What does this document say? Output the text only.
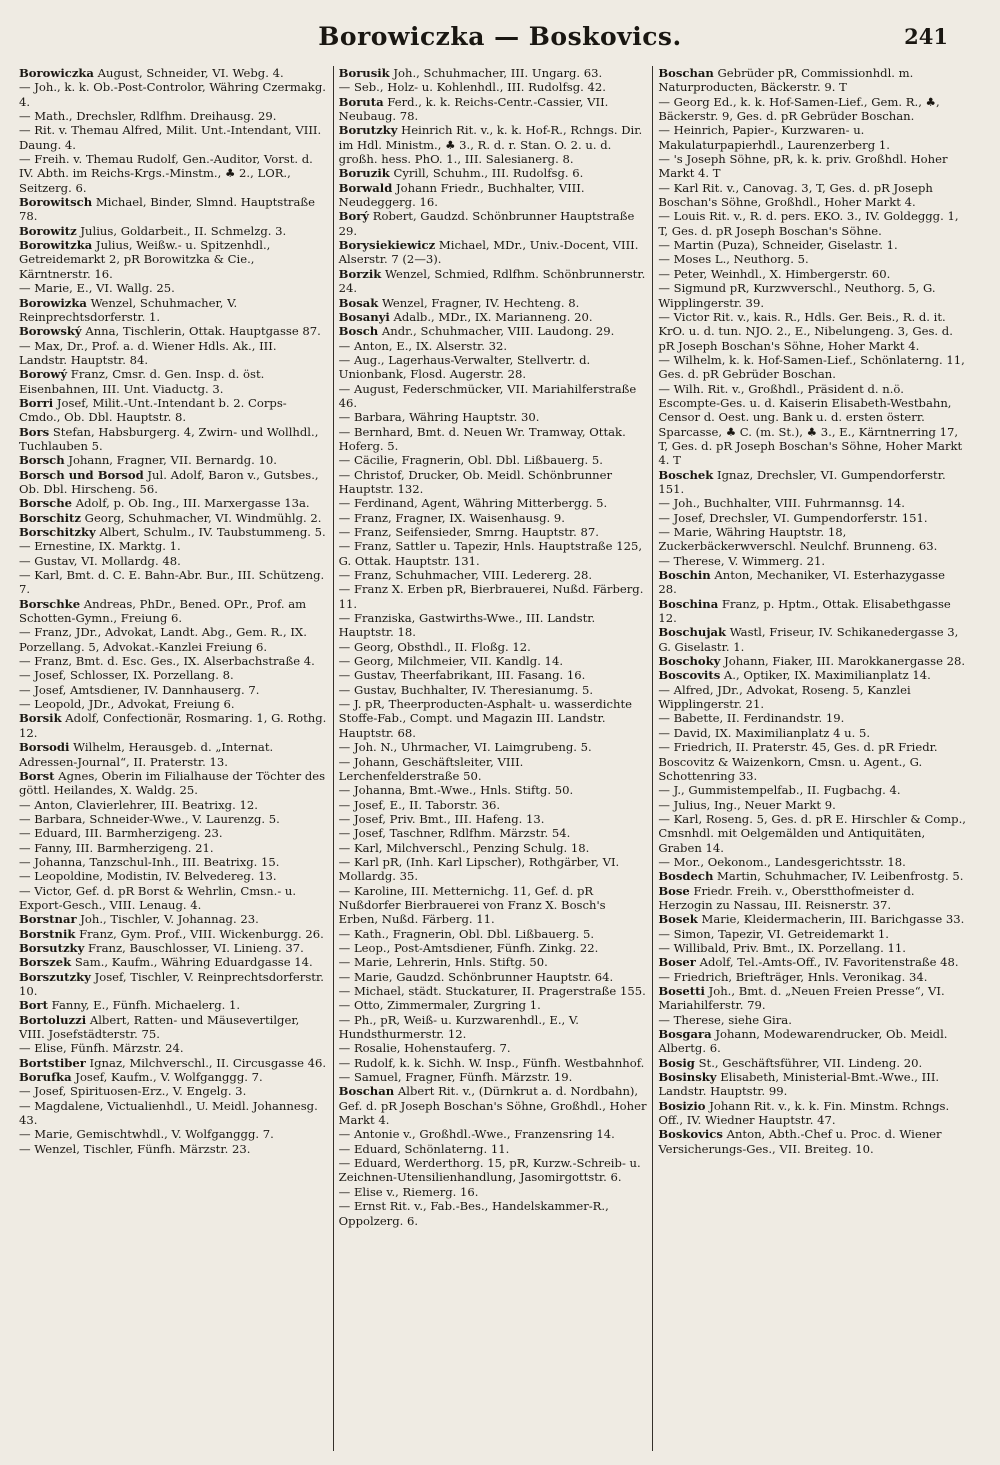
Borowiczka — Boskovics.	241

Borowiczka August, Schneider, VI. Webg. 4.

— Joh., k. k. Ob.-Post-Controlor, Währing Czermakg. 4.

— Math., Drechsler, Rdlfhm. Dreihausg. 29.

— Rit. v. Themau Alfred, Milit. Unt.-Intendant, VIII. Daung. 4.

— Freih. v. Themau Rudolf, Gen.-Auditor, Vorst. d. IV. Abth. im Reichs-Krgs.-Minstm., ♣ 2., LOR., Seitzerg. 6.

Borowitsch Michael, Binder, Slmnd. Hauptstraße 78.

Borowitz Julius, Goldarbeit., II. Schmelzg. 3.

Borowitzka Julius, Weißw.- u. Spitzenhdl., Getreidemarkt 2, pR Borowitzka & Cie., Kärntnerstr. 16.

— Marie, E., VI. Wallg. 25.

Borowizka Wenzel, Schuhmacher, V. Reinprechtsdorferstr. 1.

Borowský Anna, Tischlerin, Ottak. Hauptgasse 87.

— Max, Dr., Prof. a. d. Wiener Hdls. Ak., III. Landstr. Hauptstr. 84.

Borowý Franz, Cmsr. d. Gen. Insp. d. öst. Eisenbahnen, III. Unt. Viaductg. 3.

Borri Josef, Milit.-Unt.-Intendant b. 2. Corps-Cmdo., Ob. Dbl. Hauptstr. 8.

Bors Stefan, Habsburgerg. 4, Zwirn- und Wollhdl., Tuchlauben 5.

Borsch Johann, Fragner, VII. Bernardg. 10.

Borsch und Borsod Jul. Adolf, Baron v., Gutsbes., Ob. Dbl. Hirscheng. 56.

Borsche Adolf, p. Ob. Ing., III. Marxergasse 13a.

Borschitz Georg, Schuhmacher, VI. Windmühlg. 2.

Borschitzky Albert, Schulm., IV. Taubstummeng. 5.

— Ernestine, IX. Marktg. 1.

— Gustav, VI. Mollardg. 48.

— Karl, Bmt. d. C. E. Bahn-Abr. Bur., III. Schützeng. 7.

Borschke Andreas, PhDr., Bened. OPr., Prof. am Schotten-Gymn., Freiung 6.

— Franz, JDr., Advokat, Landt. Abg., Gem. R., IX. Porzellang. 5, Advokat.-Kanzlei Freiung 6.

— Franz, Bmt. d. Esc. Ges., IX. Alserbachstraße 4.

— Josef, Schlosser, IX. Porzellang. 8.

— Josef, Amtsdiener, IV. Dannhauserg. 7.

— Leopold, JDr., Advokat, Freiung 6.

Borsik Adolf, Confectionär, Rosmaring. 1, G. Rothg. 12.

Borsodi Wilhelm, Herausgeb. d. „Internat. Adressen-Journal“, II. Praterstr. 13.

Borst Agnes, Oberin im Filialhause der Töchter des göttl. Heilandes, X. Waldg. 25.

— Anton, Clavierlehrer, III. Beatrixg. 12.

— Barbara, Schneider-Wwe., V. Laurenzg. 5.

— Eduard, III. Barmherzigeng. 23.

— Fanny, III. Barmherzigeng. 21.

— Johanna, Tanzschul-Inh., III. Beatrixg. 15.

— Leopoldine, Modistin, IV. Belvedereg. 13.

— Victor, Gef. d. pR Borst & Wehrlin, Cmsn.- u. Export-Gesch., VIII. Lenaug. 4.

Borstnar Joh., Tischler, V. Johannag. 23.

Borstnik Franz, Gym. Prof., VIII. Wickenburgg. 26.

Borsutzky Franz, Bauschlosser, VI. Linieng. 37.

Borszek Sam., Kaufm., Währing Eduardgasse 14.

Borszutzky Josef, Tischler, V. Reinprechtsdorferstr. 10.

Bort Fanny, E., Fünfh. Michaelerg. 1.

Bortoluzzi Albert, Ratten- und Mäusevertilger, VIII. Josefstädterstr. 75.

— Elise, Fünfh. Märzstr. 24.

Bortstiber Ignaz, Milchverschl., II. Circusgasse 46.

Borufka Josef, Kaufm., V. Wolfganggg. 7.

— Josef, Spirituosen-Erz., V. Engelg. 3.

— Magdalene, Victualienhdl., U. Meidl. Johannesg. 43.

— Marie, Gemischtwhdl., V. Wolfganggg. 7.

— Wenzel, Tischler, Fünfh. Märzstr. 23.

Borusik Joh., Schuhmacher, III. Ungarg. 63.

— Seb., Holz- u. Kohlenhdl., III. Rudolfsg. 42.

Boruta Ferd., k. k. Reichs-Centr.-Cassier, VII. Neubaug. 78.

Borutzky Heinrich Rit. v., k. k. Hof-R., Rchngs. Dir. im Hdl. Ministm., ♣ 3., R. d. r. Stan. O. 2. u. d. großh. hess. PhO. 1., III. Salesianerg. 8.

Boruzik Cyrill, Schuhm., III. Rudolfsg. 6.

Borwald Johann Friedr., Buchhalter, VIII. Neudeggerg. 16.

Borý Robert, Gaudzd. Schönbrunner Hauptstraße 29.

Borysiekiewicz Michael, MDr., Univ.-Docent, VIII. Alserstr. 7 (2—3).

Borzik Wenzel, Schmied, Rdlfhm. Schönbrunnerstr. 24.

Bosak Wenzel, Fragner, IV. Hechteng. 8.

Bosanyi Adalb., MDr., IX. Marianneng. 20.

Bosch Andr., Schuhmacher, VIII. Laudong. 29.

— Anton, E., IX. Alserstr. 32.

— Aug., Lagerhaus-Verwalter, Stellvertr. d. Unionbank, Flosd. Augerstr. 28.

— August, Federschmücker, VII. Mariahilferstraße 46.

— Barbara, Währing Hauptstr. 30.

— Bernhard, Bmt. d. Neuen Wr. Tramway, Ottak. Hoferg. 5.

— Cäcilie, Fragnerin, Obl. Dbl. Lißbauerg. 5.

— Christof, Drucker, Ob. Meidl. Schönbrunner Hauptstr. 132.

— Ferdinand, Agent, Währing Mitterbergg. 5.

— Franz, Fragner, IX. Waisenhausg. 9.

— Franz, Seifensieder, Smrng. Hauptstr. 87.

— Franz, Sattler u. Tapezir, Hnls. Hauptstraße 125, G. Ottak. Hauptstr. 131.

— Franz, Schuhmacher, VIII. Ledererg. 28.

— Franz X. Erben pR, Bierbrauerei, Nußd. Färberg. 11.

— Franziska, Gastwirths-Wwe., III. Landstr. Hauptstr. 18.

— Georg, Obsthdl., II. Floßg. 12.

— Georg, Milchmeier, VII. Kandlg. 14.

— Gustav, Theerfabrikant, III. Fasang. 16.

— Gustav, Buchhalter, IV. Theresianumg. 5.

— J. pR, Theerproducten-Asphalt- u. wasserdichte Stoffe-Fab., Compt. und Magazin III. Landstr. Hauptstr. 68.

— Joh. N., Uhrmacher, VI. Laimgrubeng. 5.

— Johann, Geschäftsleiter, VIII. Lerchenfelderstraße 50.

— Johanna, Bmt.-Wwe., Hnls. Stiftg. 50.

— Josef, E., II. Taborstr. 36.

— Josef, Priv. Bmt., III. Hafeng. 13.

— Josef, Taschner, Rdlfhm. Märzstr. 54.

— Karl, Milchverschl., Penzing Schulg. 18.

— Karl pR, (Inh. Karl Lipscher), Rothgärber, VI. Mollardg. 35.

— Karoline, III. Metternichg. 11, Gef. d. pR Nußdorfer Bierbrauerei von Franz X. Bosch's Erben, Nußd. Färberg. 11.

— Kath., Fragnerin, Obl. Dbl. Lißbauerg. 5.

— Leop., Post-Amtsdiener, Fünfh. Zinkg. 22.

— Marie, Lehrerin, Hnls. Stiftg. 50.

— Marie, Gaudzd. Schönbrunner Hauptstr. 64.

— Michael, städt. Stuckaturer, II. Pragerstraße 155.

— Otto, Zimmermaler, Zurgring 1.

— Ph., pR, Weiß- u. Kurzwarenhdl., E., V. Hundsthurmerstr. 12.

— Rosalie, Hohenstauferg. 7.

— Rudolf, k. k. Sichh. W. Insp., Fünfh. Westbahnhof.

— Samuel, Fragner, Fünfh. Märzstr. 19.

Boschan Albert Rit. v., (Dürnkrut a. d. Nordbahn), Gef. d. pR Joseph Boschan's Söhne, Großhdl., Hoher Markt 4.

— Antonie v., Großhdl.-Wwe., Franzensring 14.

— Eduard, Schönlaterng. 11.

— Eduard, Werderthorg. 15, pR, Kurzw.-Schreib- u. Zeichnen-Utensilienhandlung, Jasomirgottstr. 6.

— Elise v., Riemerg. 16.

— Ernst Rit. v., Fab.-Bes., Handelskammer-R., Oppolzerg. 6.

Boschan Gebrüder pR, Commissionhdl. m. Naturproducten, Bäckerstr. 9. T

— Georg Ed., k. k. Hof-Samen-Lief., Gem. R., ♣, Bäckerstr. 9, Ges. d. pR Gebrüder Boschan.

— Heinrich, Papier-, Kurzwaren- u. Makulaturpapierhdl., Laurenzerberg 1.

— 's Joseph Söhne, pR, k. k. priv. Großhdl. Hoher Markt 4. T

— Karl Rit. v., Canovag. 3, T, Ges. d. pR Joseph Boschan's Söhne, Großhdl., Hoher Markt 4.

— Louis Rit. v., R. d. pers. EKO. 3., IV. Goldeggg. 1, T, Ges. d. pR Joseph Boschan's Söhne.

— Martin (Puza), Schneider, Giselastr. 1.

— Moses L., Neuthorg. 5.

— Peter, Weinhdl., X. Himbergerstr. 60.

— Sigmund pR, Kurzwverschl., Neuthorg. 5, G. Wipplingerstr. 39.

— Victor Rit. v., kais. R., Hdls. Ger. Beis., R. d. it. KrO. u. d. tun. NJO. 2., E., Nibelungeng. 3, Ges. d. pR Joseph Boschan's Söhne, Hoher Markt 4.

— Wilhelm, k. k. Hof-Samen-Lief., Schönlaterng. 11, Ges. d. pR Gebrüder Boschan.

— Wilh. Rit. v., Großhdl., Präsident d. n.ö. Escompte-Ges. u. d. Kaiserin Elisabeth-Westbahn, Censor d. Oest. ung. Bank u. d. ersten österr. Sparcasse, ♣ C. (m. St.), ♣ 3., E., Kärntnerring 17, T, Ges. d. pR Joseph Boschan's Söhne, Hoher Markt 4. T

Boschek Ignaz, Drechsler, VI. Gumpendorferstr. 151.

— Joh., Buchhalter, VIII. Fuhrmannsg. 14.

— Josef, Drechsler, VI. Gumpendorferstr. 151.

— Marie, Währing Hauptstr. 18, Zuckerbäckerwverschl. Neulchf. Brunneng. 63.

— Therese, V. Wimmerg. 21.

Boschin Anton, Mechaniker, VI. Esterhazygasse 28.

Boschina Franz, p. Hptm., Ottak. Elisabethgasse 12.

Boschujak Wastl, Friseur, IV. Schikanedergasse 3, G. Giselastr. 1.

Boschoky Johann, Fiaker, III. Marokkanergasse 28.

Boscovits A., Optiker, IX. Maximilianplatz 14.

— Alfred, JDr., Advokat, Roseng. 5, Kanzlei Wipplingerstr. 21.

— Babette, II. Ferdinandstr. 19.

— David, IX. Maximilianplatz 4 u. 5.

— Friedrich, II. Praterstr. 45, Ges. d. pR Friedr. Boscovitz & Waizenkorn, Cmsn. u. Agent., G. Schottenring 33.

— J., Gummistempelfab., II. Fugbachg. 4.

— Julius, Ing., Neuer Markt 9.

— Karl, Roseng. 5, Ges. d. pR E. Hirschler & Comp., Cmsnhdl. mit Oelgemälden und Antiquitäten, Graben 14.

— Mor., Oekonom., Landesgerichtsstr. 18.

Bosdech Martin, Schuhmacher, IV. Leibenfrostg. 5.

Bose Friedr. Freih. v., Oberstthofmeister d. Herzogin zu Nassau, III. Reisnerstr. 37.

Bosek Marie, Kleidermacherin, III. Barichgasse 33.

— Simon, Tapezir, VI. Getreidemarkt 1.

— Willibald, Priv. Bmt., IX. Porzellang. 11.

Boser Adolf, Tel.-Amts-Off., IV. Favoritenstraße 48.

— Friedrich, Briefträger, Hnls. Veronikag. 34.

Bosetti Joh., Bmt. d. „Neuen Freien Presse“, VI. Mariahilferstr. 79.

— Therese, siehe Gira.

Bosgara Johann, Modewarendrucker, Ob. Meidl. Albertg. 6.

Bosig St., Geschäftsführer, VII. Lindeng. 20.

Bosinsky Elisabeth, Ministerial-Bmt.-Wwe., III. Landstr. Hauptstr. 99.

Bosizio Johann Rit. v., k. k. Fin. Minstm. Rchngs. Off., IV. Wiedner Hauptstr. 47.

Boskovics Anton, Abth.-Chef u. Proc. d. Wiener Versicherungs-Ges., VII. Breiteg. 10.
